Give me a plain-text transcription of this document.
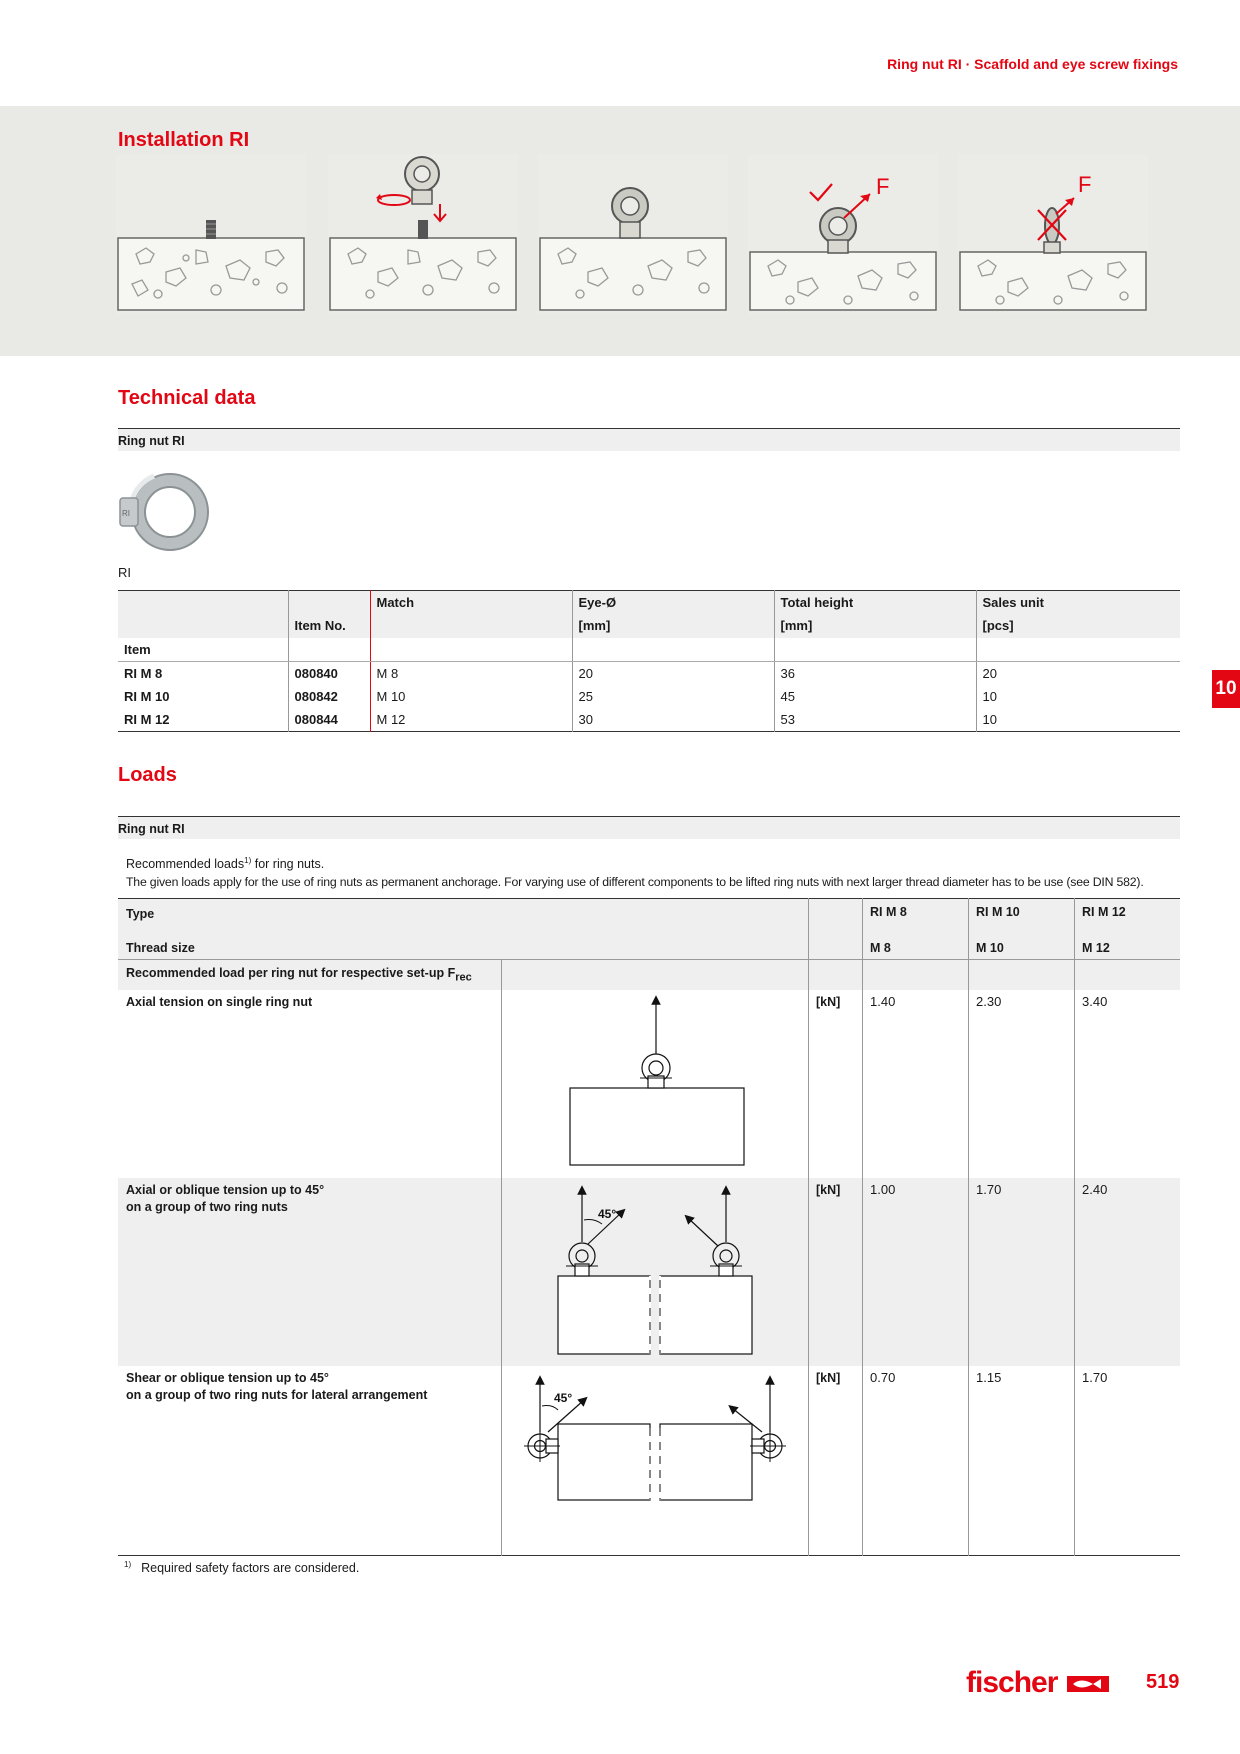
Ring nut RI · Scaffold and eye screw fixings
Installation RI
F	F
Technical data
Ring nut RI
RI
RI
		Match	Eye-Ø	Total height	Sales unit
	Item No.		[mm]	[mm]	[pcs]
Item					
RI M 8	080840	M 8	20	36	20
RI M 10	080842	M 10	25	45	10
RI M 12	080844	M 12	30	53	10
10
Loads
Ring nut RI
Recommended loads$^{1)}$ for ring nuts.
The given loads apply for the use of ring nuts as permanent anchorage. For varying use of different components to be lifted ring nuts with next larger thread diameter has to be use (see DIN 582).
Type	RI M 8	RI M 10	RI M 12
Thread size	M 8	M 10	M 12
Recommended load per ring nut for respective set-up $F_{rec}$
Axial tension on single ring nut	[kN] 1.40	2.30	3.40
Axial or oblique tension up to 45°
on a group of two ring nuts
[kN] 1.00	1.70	2.40
Shear or oblique tension up to 45°
on a group of two ring nuts for lateral arrangement
[kN] 0.70	1.15	1.70
45°
45°
$^{1)}$ Required safety factors are considered.
fischer	519
